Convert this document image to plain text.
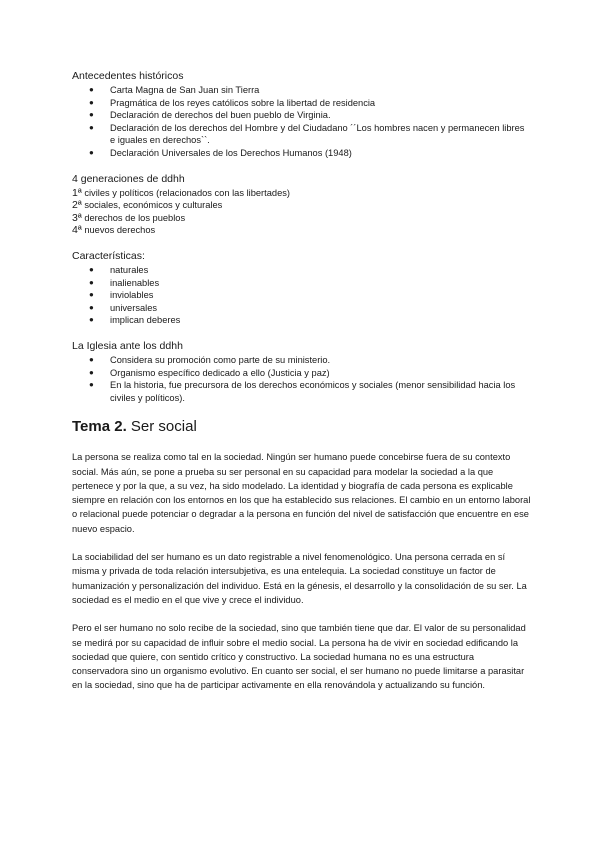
Antecedentes históricos
● Carta Magna de San Juan sin Tierra
● Pragmática de los reyes católicos sobre la libertad de residencia
● Declaración de derechos del buen pueblo de Virginia.
● Declaración de los derechos del Hombre y del Ciudadano ´´Los hombres nacen y permanecen libres e iguales en derechos``.
● Declaración Universales de los Derechos Humanos (1948)
4 generaciones de ddhh
1ª civiles y políticos (relacionados con las libertades)
2ª sociales, económicos y culturales
3ª derechos de los pueblos
4ª nuevos derechos
Características:
● naturales
● inalienables
● inviolables
● universales
● implican deberes
La Iglesia ante los ddhh
● Considera su promoción como parte de su ministerio.
● Organismo específico dedicado a ello (Justicia y paz)
● En la historia, fue precursora de los derechos económicos y sociales (menor sensibilidad hacia los civiles y políticos).
Tema 2. Ser social

La persona se realiza como tal en la sociedad. Ningún ser humano puede concebirse fuera de su contexto social. Más aún, se pone a prueba su ser personal en su capacidad para modelar la sociedad a la que pertenece y por la que, a su vez, ha sido modelado. La identidad y biografía de cada persona es explicable siempre en relación con los entornos en los que ha establecido sus relaciones. El cambio en un entorno laboral o relacional puede potenciar o degradar a la persona en función del nivel de satisfacción que encuentre en ese nuevo espacio.

La sociabilidad del ser humano es un dato registrable a nivel fenomenológico. Una persona cerrada en sí misma y privada de toda relación intersubjetiva, es una entelequia. La sociedad constituye un factor de humanización y personalización del individuo. Está en la génesis, el desarrollo y la consolidación de su ser. La sociedad es el medio en el que vive y crece el individuo.

Pero el ser humano no solo recibe de la sociedad, sino que también tiene que dar. El valor de su personalidad se medirá por su capacidad de influir sobre el medio social. La persona ha de vivir en sociedad edificando la sociedad que quiere, con sentido crítico y constructivo. La sociedad humana no es una estructura conservadora sino un organismo evolutivo. En cuanto ser social, el ser humano no puede limitarse a parasitar en la sociedad, sino que ha de participar activamente en ella renovándola y actualizando su función.
